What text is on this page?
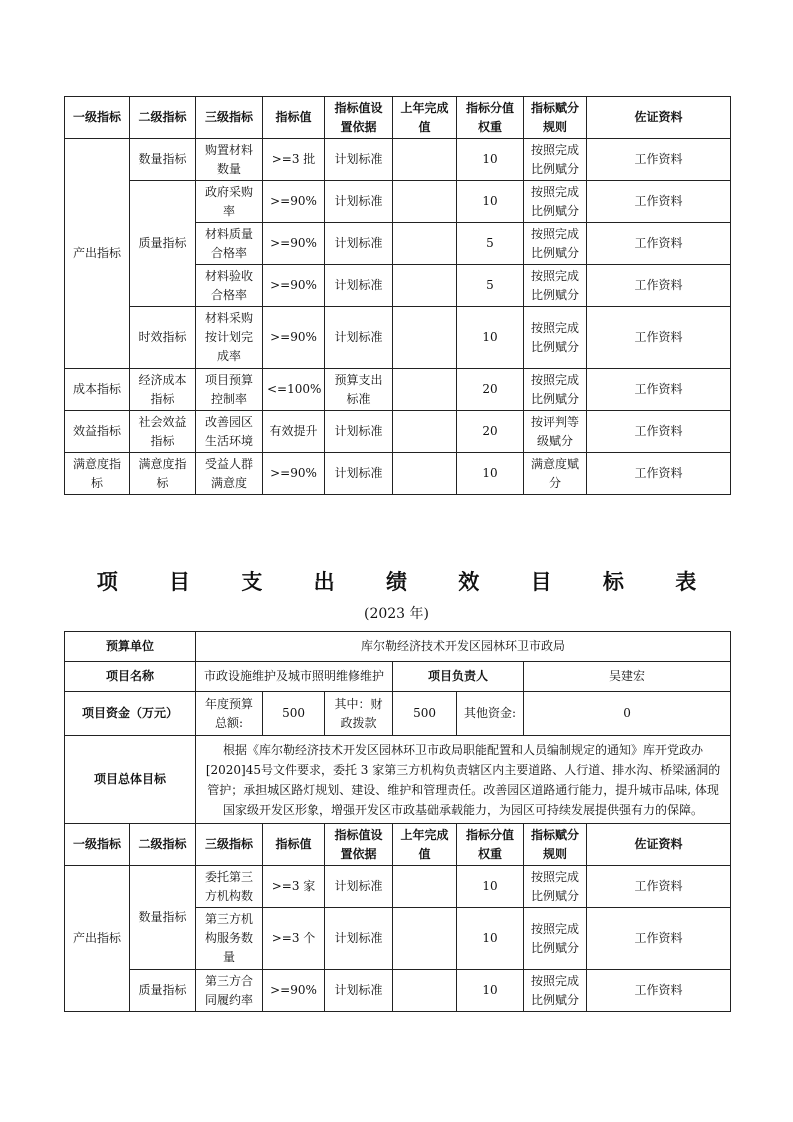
一级指标	二级指标	三级指标	指标值	指标值设置依据	上年完成值	指标分值权重	指标赋分规则	佐证资料
产出指标	数量指标	购置材料数量	>=3 批	计划标准		10	按照完成比例赋分	工作资料
	质量指标	政府采购率	>=90%	计划标准		10	按照完成比例赋分	工作资料
		材料质量合格率	>=90%	计划标准		5	按照完成比例赋分	工作资料
		材料验收合格率	>=90%	计划标准		5	按照完成比例赋分	工作资料
	时效指标	材料采购按计划完成率	>=90%	计划标准		10	按照完成比例赋分	工作资料
成本指标	经济成本指标	项目预算控制率	<=100%	预算支出标准		20	按照完成比例赋分	工作资料
效益指标	社会效益指标	改善园区生活环境	有效提升	计划标准		20	按评判等级赋分	工作资料
满意度指标	满意度指标	受益人群满意度	>=90%	计划标准		10	满意度赋分	工作资料
项 目 支 出 绩 效 目 标 表
(2023 年)
预算单位		库尔勒经济技术开发区园林环卫市政局						
项目名称		市政设施维护及城市照明维修维护			项目负责人		吴建宏	
项目资金（万元）		年度预算总额:	500	其中：财政拨款	500	其他资金:	0	
项目总体目标		根据《库尔勒经济技术开发区园林环卫市政局职能配置和人员编制规定的通知》库开党政办[2020]45号文件要求，委托 3 家第三方机构负责辖区内主要道路、人行道、排水沟、桥梁涵洞的管护；承担城区路灯规划、建设、维护和管理责任。改善园区道路通行能力，提升城市品味, 体现国家级开发区形象，增强开发区市政基础承载能力，为园区可持续发展提供强有力的保障。						
一级指标	二级指标	三级指标	指标值	指标值设置依据	上年完成值	指标分值权重	指标赋分规则	佐证资料
产出指标	数量指标	委托第三方机构数	>=3 家	计划标准		10	按照完成比例赋分	工作资料
		第三方机构服务数量	>=3 个	计划标准		10	按照完成比例赋分	工作资料
	质量指标	第三方合同履约率	>=90%	计划标准		10	按照完成比例赋分	工作资料
